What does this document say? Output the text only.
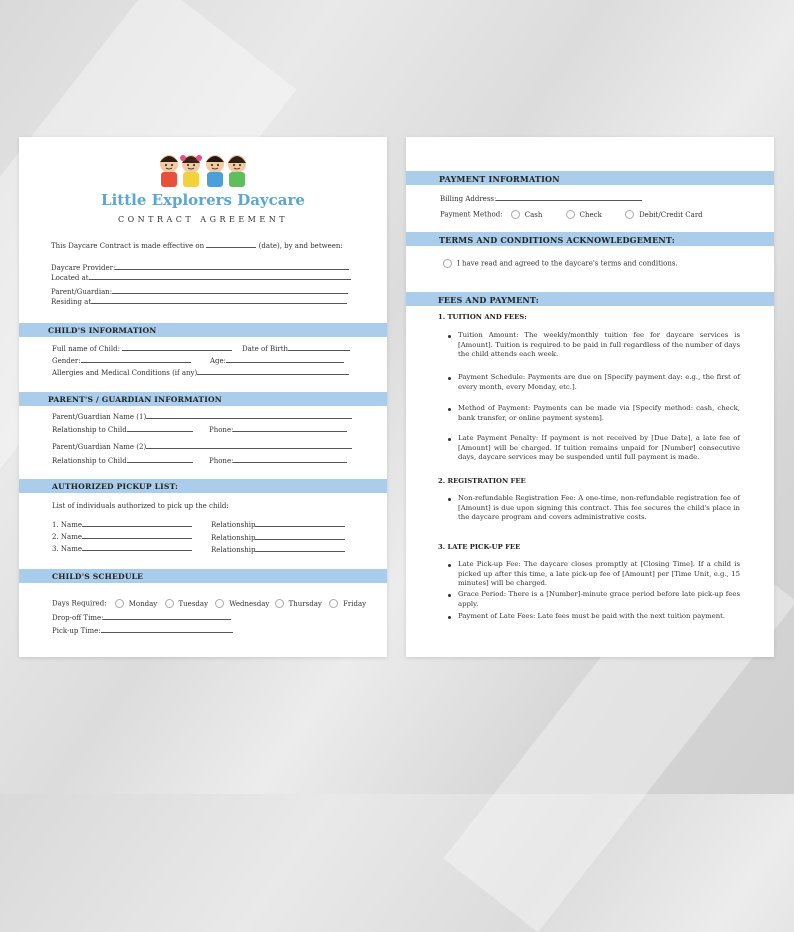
Little Explorers Daycare
CONTRACT AGREEMENT
This Daycare Contract is made effective on	(date), by and between:
Daycare Provider:
Located at
Parent/Guardian:
Residing at
CHILD'S INFORMATION
Full name of Child:	Date of Birth
Gender:	Age:
Allergies and Medical Conditions (if any)
PARENT'S / GUARDIAN INFORMATION
Parent/Guardian Name (1)
Relationship to Child	Phone:
Parent/Guardian Name (2)
Relationship to Child	Phone:
AUTHORIZED PICKUP LIST:
List of individuals authorized to pick up the child:
1. Name	Relationship
2. Name	Relationship
3. Name	Relationship
CHILD'S SCHEDULE
Days Required:	Monday	Tuesday	Wednesday	Thursday	Friday
Drop-off Time:
Pick-up Time:
PAYMENT INFORMATION
Billing Address:
Payment Method:	Cash	Check	Debit/Credit Card
TERMS AND CONDITIONS ACKNOWLEDGEMENT:
I have read and agreed to the daycare's terms and conditions.
FEES AND PAYMENT:
1. TUITION AND FEES:
Tuition Amount: The weekly/monthly tuition fee for daycare services is [Amount]. Tuition is required to be paid in full regardless of the number of days the child attends each week.
Payment Schedule: Payments are due on [Specify payment day: e.g., the first of every month, every Monday, etc.].
Method of Payment: Payments can be made via [Specify method: cash, check, bank transfer, or online payment system].
Late Payment Penalty: If payment is not received by [Due Date], a late fee of [Amount] will be charged. If tuition remains unpaid for [Number] consecutive days, daycare services may be suspended until full payment is made.
2. REGISTRATION FEE
Non-refundable Registration Fee: A one-time, non-refundable registration fee of [Amount] is due upon signing this contract. This fee secures the child's place in the daycare program and covers administrative costs.
3. LATE PICK-UP FEE
Late Pick-up Fee: The daycare closes promptly at [Closing Time]. If a child is picked up after this time, a late pick-up fee of [Amount] per [Time Unit, e.g., 15 minutes] will be charged.
Grace Period: There is a [Number]-minute grace period before late pick-up fees apply.
Payment of Late Fees: Late fees must be paid with the next tuition payment.
